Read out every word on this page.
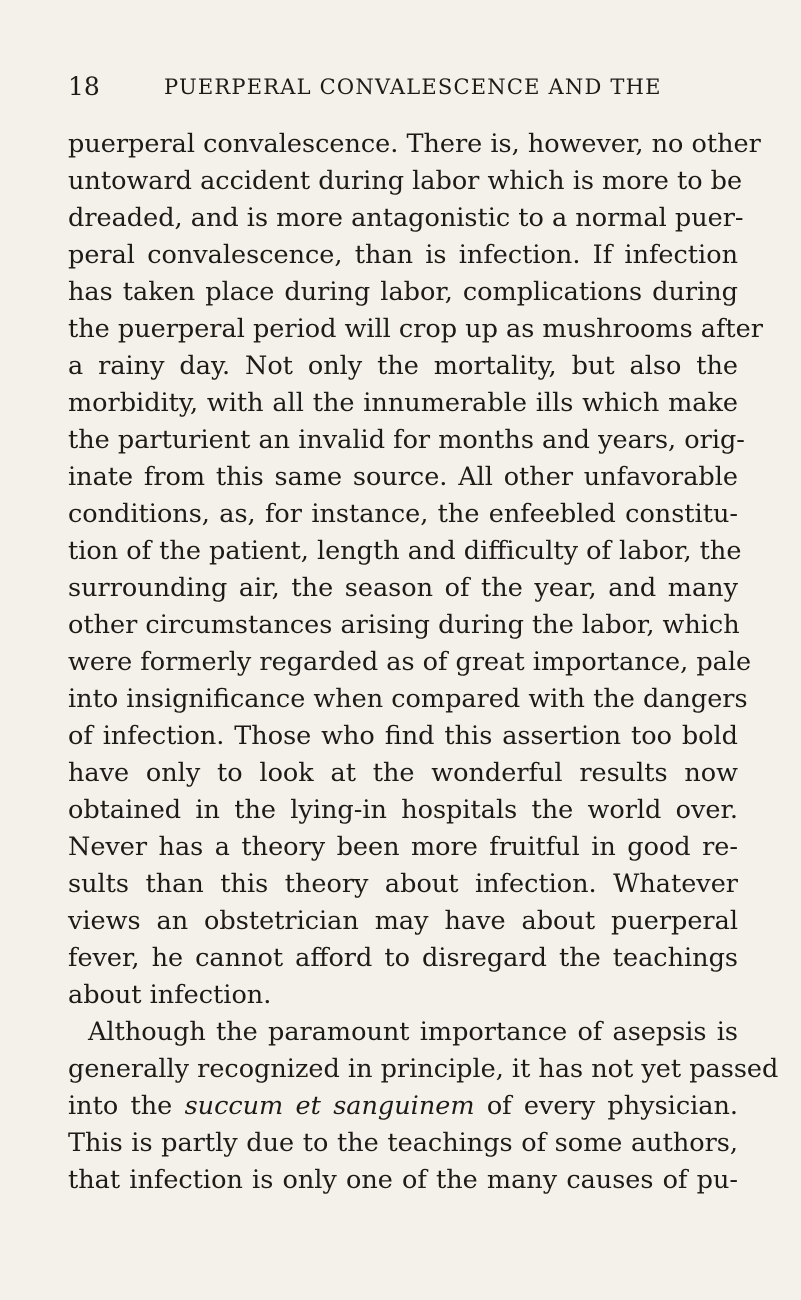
18	PUERPERAL CONVALESCENCE AND THE
puerperal convalescence. There is, however, no other
untoward accident during labor which is more to be
dreaded, and is more antagonistic to a normal puer-
peral convalescence, than is infection. If infection
has taken place during labor, complications during
the puerperal period will crop up as mushrooms after
a rainy day. Not only the mortality, but also the
morbidity, with all the innumerable ills which make
the parturient an invalid for months and years, orig-
inate from this same source. All other unfavorable
conditions, as, for instance, the enfeebled constitu-
tion of the patient, length and difficulty of labor, the
surrounding air, the season of the year, and many
other circumstances arising during the labor, which
were formerly regarded as of great importance, pale
into insignificance when compared with the dangers
of infection. Those who find this assertion too bold
have only to look at the wonderful results now
obtained in the lying-in hospitals the world over.
Never has a theory been more fruitful in good re-
sults than this theory about infection. Whatever
views an obstetrician may have about puerperal
fever, he cannot afford to disregard the teachings
about infection.
Although the paramount importance of asepsis is
generally recognized in principle, it has not yet passed
into the succum et sanguinem of every physician.
This is partly due to the teachings of some authors,
that infection is only one of the many causes of pu-
